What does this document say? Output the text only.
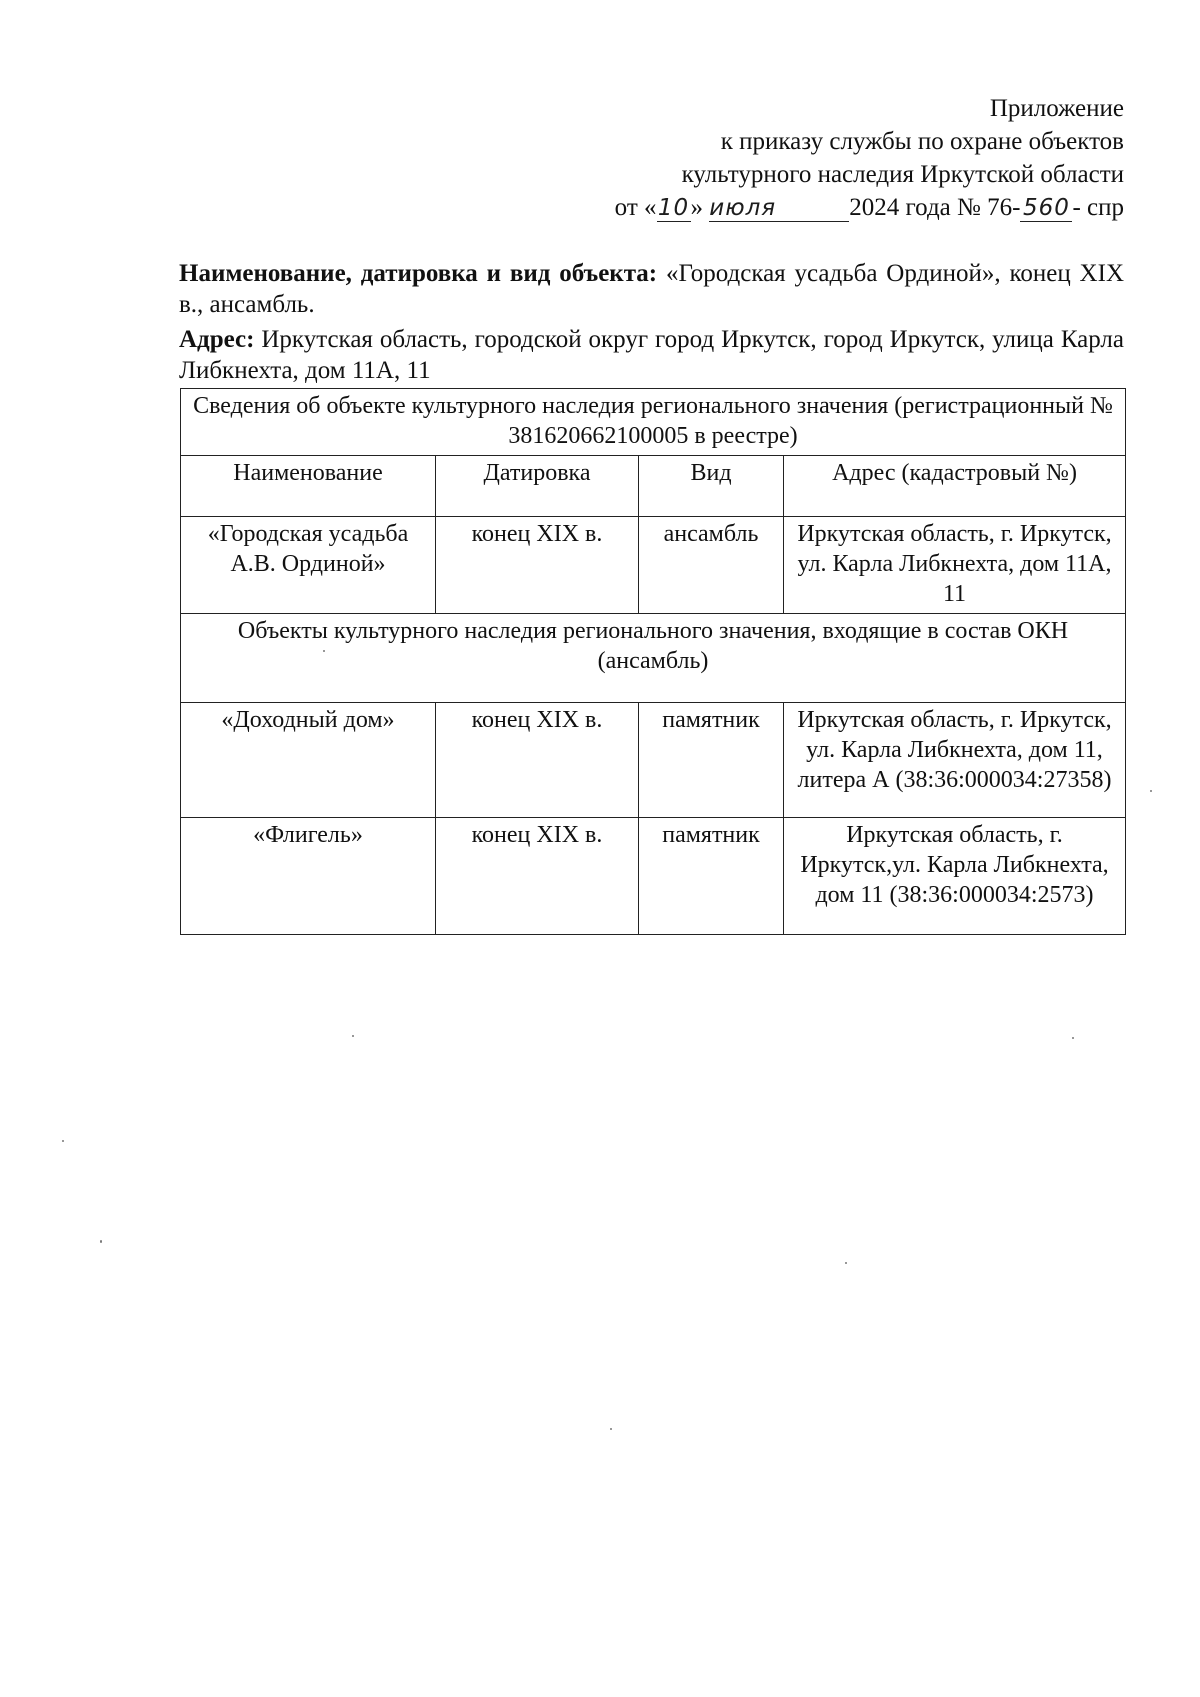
Приложение
к приказу службы по охране объектов
культурного наследия Иркутской области
от «10» июля	2024 года № 76- 560 - спр
Наименование, датировка и вид объекта: «Городская усадьба Ординой», конец XIX в., ансамбль.
Адрес: Иркутская область, городской округ город Иркутск, город Иркутск, улица Карла Либкнехта, дом 11А, 11
Сведения об объекте культурного наследия регионального значения (регистрационный № 381620662100005 в реестре)			
Наименование	Датировка	Вид	Адрес (кадастровый №)
«Городская усадьба А.В. Ординой»	конец XIX в.	ансамбль	Иркутская область, г. Иркутск, ул. Карла Либкнехта, дом 11А, 11
Объекты культурного наследия регионального значения, входящие в состав ОКН (ансамбль)			
«Доходный дом»	конец XIX в.	памятник	Иркутская область, г. Иркутск, ул. Карла Либкнехта, дом 11, литера А (38:36:000034:27358)
«Флигель»	конец XIX в.	памятник	Иркутская область, г. Иркутск,ул. Карла Либкнехта, дом 11 (38:36:000034:2573)
